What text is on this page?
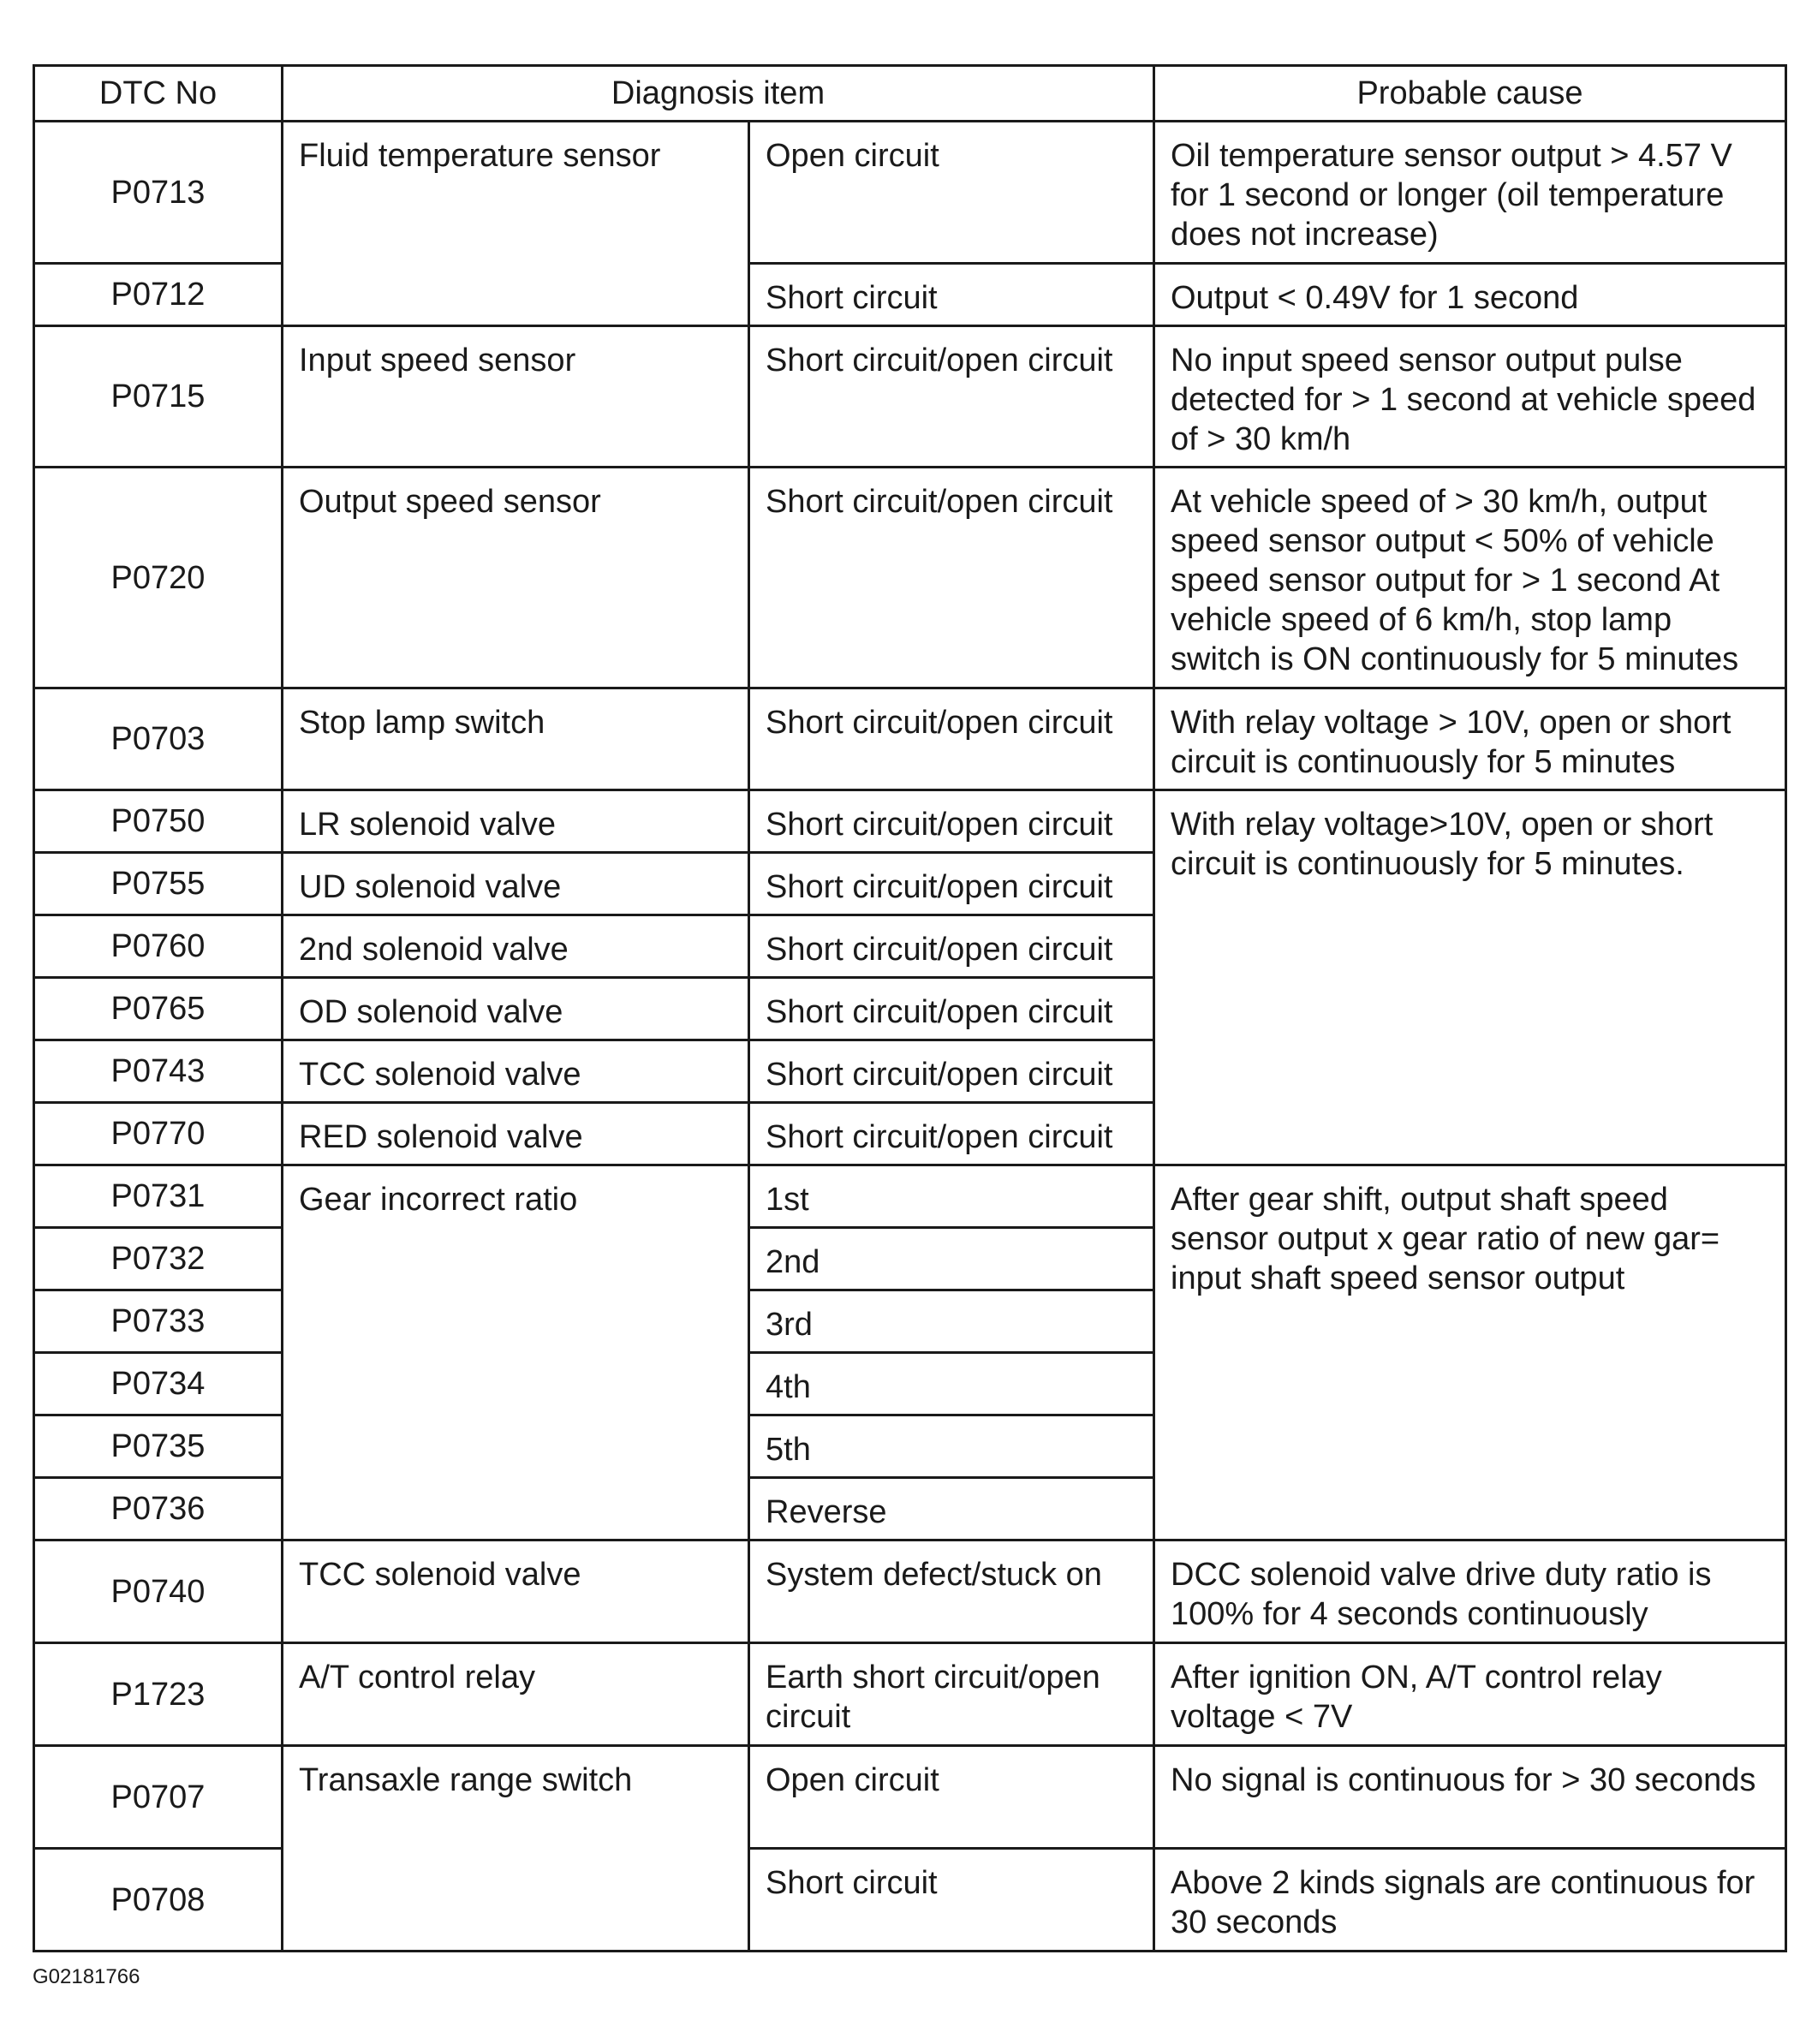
DTC No	Diagnosis item		Probable cause
P0713	Fluid temperature sensor	Open circuit	Oil temperature sensor output > 4.57 V for 1 second or longer (oil temperature does not increase)
P0712		Short circuit	Output < 0.49V for 1 second
P0715	Input speed sensor	Short circuit/open circuit	No input speed sensor output pulse detected for > 1 second at vehicle speed of > 30 km/h
P0720	Output speed sensor	Short circuit/open circuit	At vehicle speed of > 30 km/h, output speed sensor output < 50% of vehicle speed sensor output for > 1 second At vehicle speed of 6 km/h, stop lamp switch is ON continuously for 5 minutes
P0703	Stop lamp switch	Short circuit/open circuit	With relay voltage > 10V, open or short circuit is continuously for 5 minutes
P0750	LR solenoid valve	Short circuit/open circuit	With relay voltage>10V, open or short circuit is continuously for 5 minutes.
P0755	UD solenoid valve	Short circuit/open circuit	
P0760	2nd solenoid valve	Short circuit/open circuit	
P0765	OD solenoid valve	Short circuit/open circuit	
P0743	TCC solenoid valve	Short circuit/open circuit	
P0770	RED solenoid valve	Short circuit/open circuit	
P0731	Gear incorrect ratio	1st	After gear shift, output shaft speed sensor output x gear ratio of new gar= input shaft speed sensor output
P0732		2nd	
P0733		3rd	
P0734		4th	
P0735		5th	
P0736		Reverse	
P0740	TCC solenoid valve	System defect/stuck on	DCC solenoid valve drive duty ratio is 100% for 4 seconds continuously
P1723	A/T control relay	Earth short circuit/open circuit	After ignition ON, A/T control relay voltage < 7V
P0707	Transaxle range switch	Open circuit	No signal is continuous for > 30 seconds
P0708		Short circuit	Above 2 kinds signals are continuous for 30 seconds
G02181766
